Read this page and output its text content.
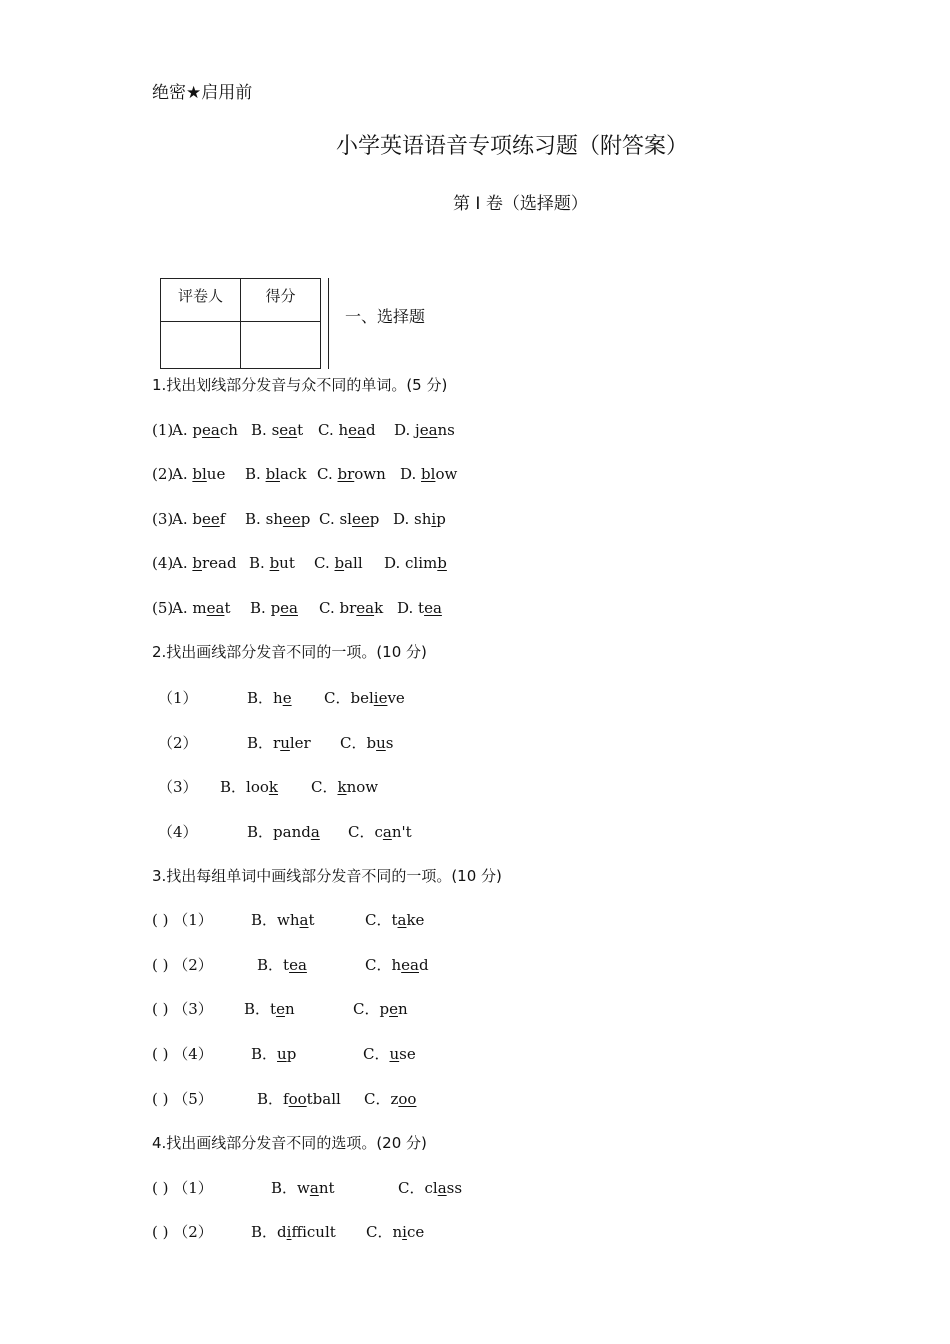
绝密★启用前
小学英语语音专项练习题（附答案）
第 I 卷（选择题）
评卷人	得分

一、选择题
1.找出划线部分发音与众不同的单词。(5 分)
(1)
A. peach B. seat C. head D. jeans
(2)
A. blue B. black C. brown D. blow
(3)
A. beef B. sheep C. sleep D. ship
(4)
A. bread B. but C. ball D. climb
(5)
A. meat B. pea C. break D. tea
2.找出画线部分发音不同的一项。(10 分)
（1）	B．he C．believe
（2）	B．ruler C．bus
（3） B．look C．know
（4）	B．panda C．can't
3.找出每组单词中画线部分发音不同的一项。(10 分)
( ) （1）	B．what	C．take
( ) （2）	B．tea	C．head
( ) （3） B．ten	C．pen
( ) （4）	B．up	C．use
( ) （5）	B．football C．zoo
4.找出画线部分发音不同的选项。(20 分)
( ) （1）	B．want	C．class
( ) （2）	B．difficult C．nice
